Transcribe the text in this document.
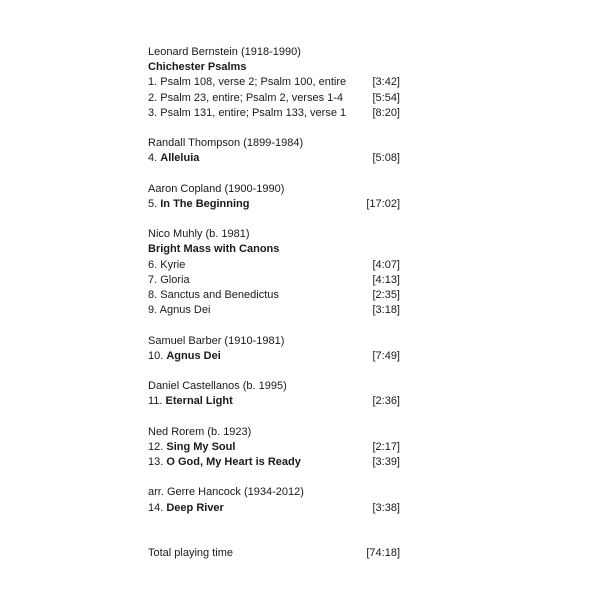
Leonard Bernstein (1918-1990)
Chichester Psalms
1. Psalm 108, verse 2; Psalm 100, entire [3:42]
2. Psalm 23, entire; Psalm 2, verses 1-4	[5:54]
3. Psalm 131, entire; Psalm 133, verse 1 [8:20]
Randall Thompson (1899-1984)
4. Alleluia	[5:08]
Aaron Copland (1900-1990)
5. In The Beginning	[17:02]
Nico Muhly (b. 1981)
Bright Mass with Canons
6. Kyrie	[4:07]
7. Gloria	[4:13]
8. Sanctus and Benedictus	[2:35]
9. Agnus Dei	[3:18]
Samuel Barber (1910-1981)
10. Agnus Dei	[7:49]
Daniel Castellanos (b. 1995)
11. Eternal Light	[2:36]
Ned Rorem (b. 1923)
12. Sing My Soul	[2:17]
13. O God, My Heart is Ready	[3:39]
arr. Gerre Hancock (1934-2012)
14. Deep River	[3:38]
Total playing time	[74:18]
